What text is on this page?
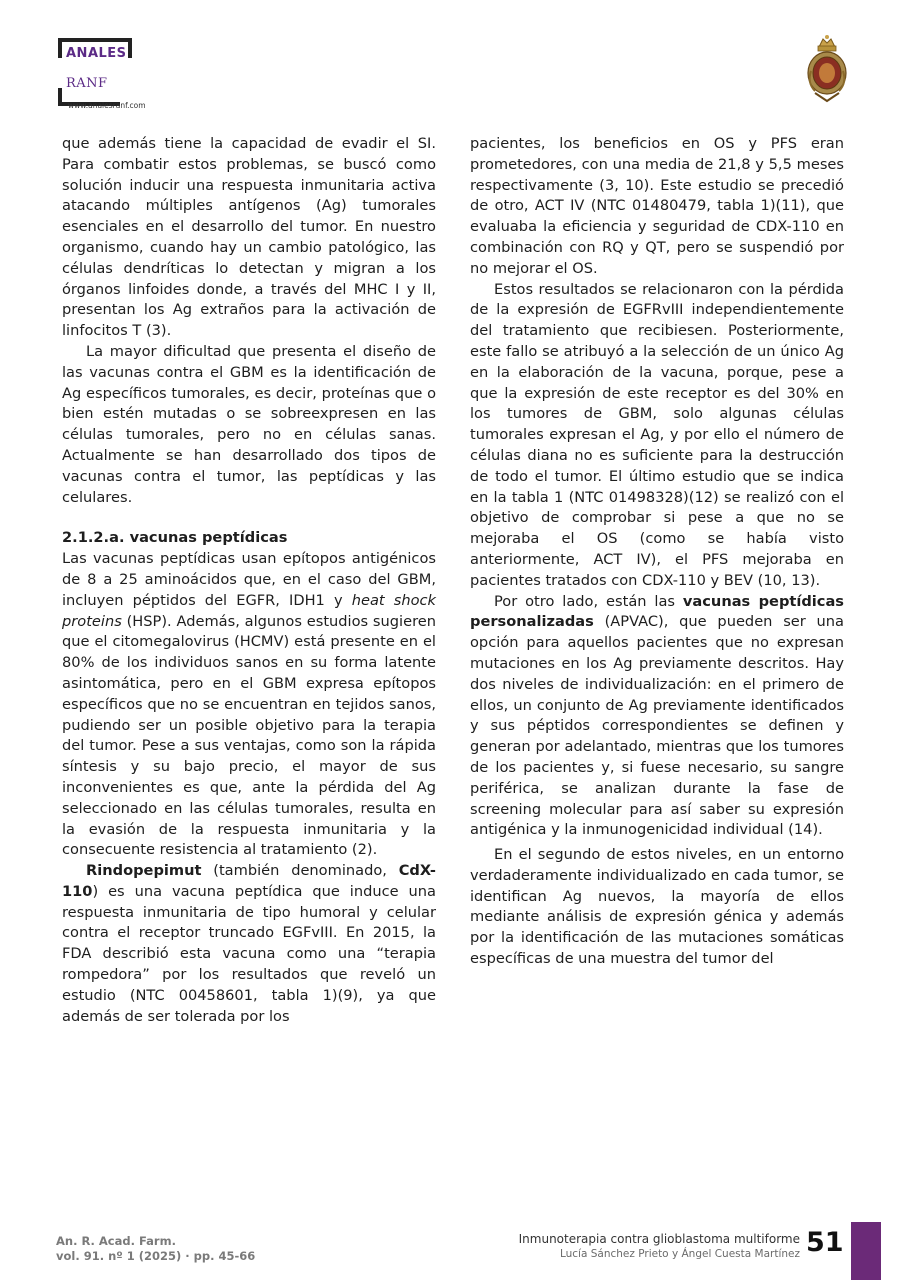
ANALES
RANF
www.analesranf.com

que además tiene la capacidad de evadir el SI. Para combatir estos problemas, se buscó como solución inducir una respuesta inmunitaria activa atacando múltiples antígenos (Ag) tumorales esenciales en el desarrollo del tumor. En nuestro organismo, cuando hay un cambio patológico, las células dendríticas lo detectan y migran a los órganos linfoides donde, a través del MHC I y II, presentan los Ag extraños para la activación de linfocitos T (3).

La mayor dificultad que presenta el diseño de las vacunas contra el GBM es la identificación de Ag específicos tumorales, es decir, proteínas que o bien estén mutadas o se sobreexpresen en las células tumorales, pero no en células sanas. Actualmente se han desarrollado dos tipos de vacunas contra el tumor, las peptídicas y las celulares.

2.1.2.a. vacunas peptídicas

Las vacunas peptídicas usan epítopos antigénicos de 8 a 25 aminoácidos que, en el caso del GBM, incluyen péptidos del EGFR, IDH1 y heat shock proteins (HSP). Además, algunos estudios sugieren que el citomegalovirus (HCMV) está presente en el 80% de los individuos sanos en su forma latente asintomática, pero en el GBM expresa epítopos específicos que no se encuentran en tejidos sanos, pudiendo ser un posible objetivo para la terapia del tumor. Pese a sus ventajas, como son la rápida síntesis y su bajo precio, el mayor de sus inconvenientes es que, ante la pérdida del Ag seleccionado en las células tumorales, resulta en la evasión de la respuesta inmunitaria y la consecuente resistencia al tratamiento (2).

Rindopepimut (también denominado, CdX-110) es una vacuna peptídica que induce una respuesta inmunitaria de tipo humoral y celular contra el receptor truncado EGFvIII. En 2015, la FDA describió esta vacuna como una “terapia rompedora” por los resultados que reveló un estudio (NTC 00458601, tabla 1)(9), ya que además de ser tolerada por los

pacientes, los beneficios en OS y PFS eran prometedores, con una media de 21,8 y 5,5 meses respectivamente (3, 10). Este estudio se precedió de otro, ACT IV (NTC 01480479, tabla 1)(11), que evaluaba la eficiencia y seguridad de CDX-110 en combinación con RQ y QT, pero se suspendió por no mejorar el OS.

Estos resultados se relacionaron con la pérdida de la expresión de EGFRvIII independientemente del tratamiento que recibiesen. Posteriormente, este fallo se atribuyó a la selección de un único Ag en la elaboración de la vacuna, porque, pese a que la expresión de este receptor es del 30% en los tumores de GBM, solo algunas células tumorales expresan el Ag, y por ello el número de células diana no es suficiente para la destrucción de todo el tumor. El último estudio que se indica en la tabla 1 (NTC 01498328)(12) se realizó con el objetivo de comprobar si pese a que no se mejoraba el OS (como se había visto anteriormente, ACT IV), el PFS mejoraba en pacientes tratados con CDX-110 y BEV (10, 13).

Por otro lado, están las vacunas peptídicas personalizadas (APVAC), que pueden ser una opción para aquellos pacientes que no expresan mutaciones en los Ag previamente descritos. Hay dos niveles de individualización: en el primero de ellos, un conjunto de Ag previamente identificados y sus péptidos correspondientes se definen y generan por adelantado, mientras que los tumores de los pacientes y, si fuese necesario, su sangre periférica, se analizan durante la fase de screening molecular para así saber su expresión antigénica y la inmunogenicidad individual (14).

En el segundo de estos niveles, en un entorno verdaderamente individualizado en cada tumor, se identifican Ag nuevos, la mayoría de ellos mediante análisis de expresión génica y además por la identificación de las mutaciones somáticas específicas de una muestra del tumor del

An. R. Acad. Farm.
vol. 91. nº 1 (2025) · pp. 45-66
Inmunoterapia contra glioblastoma multiforme
Lucía Sánchez Prieto y Ángel Cuesta Martínez 51
